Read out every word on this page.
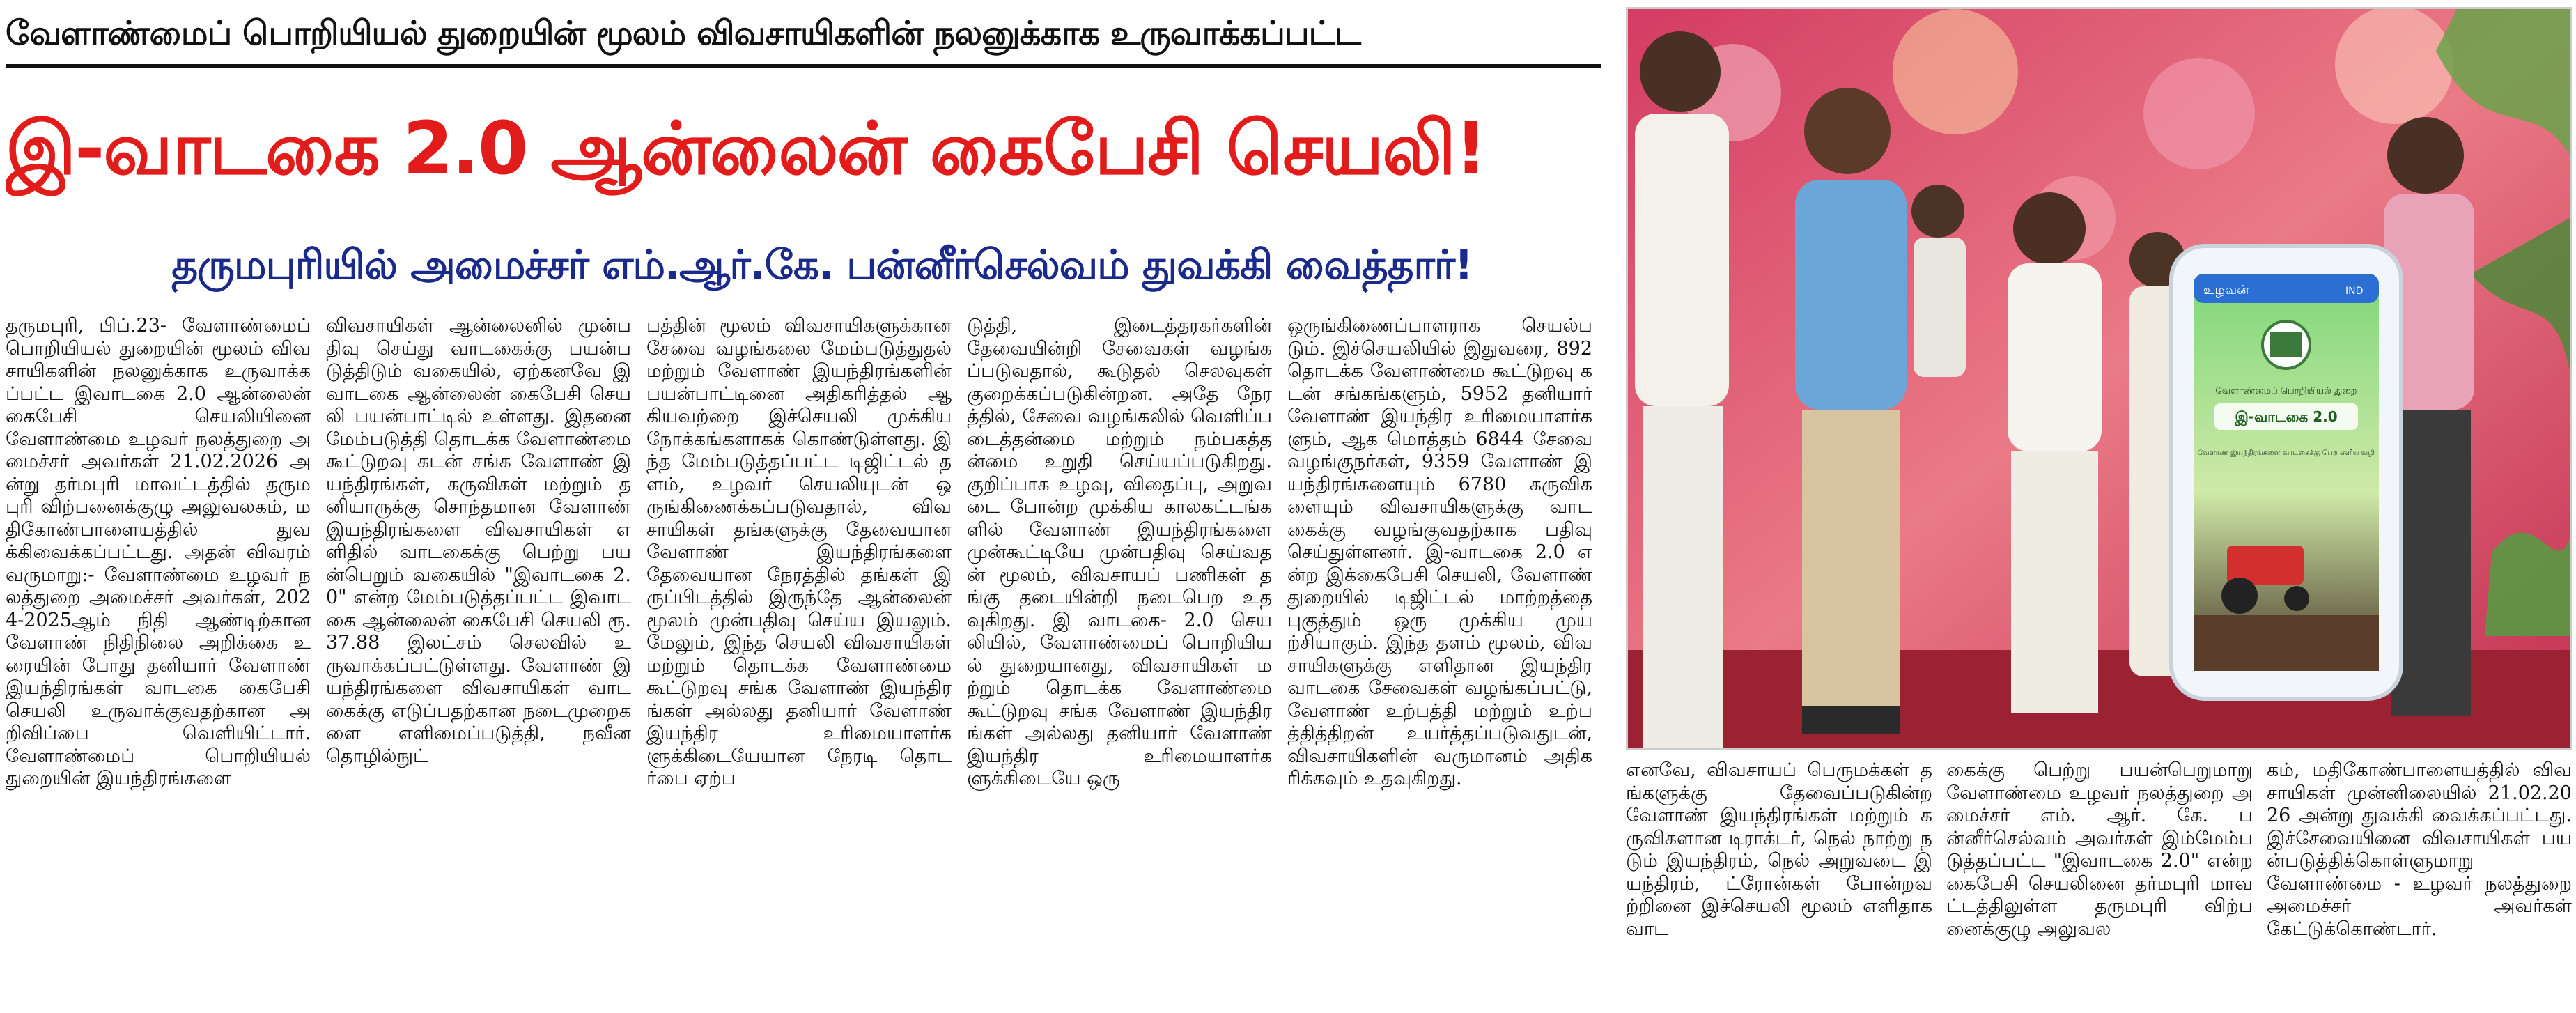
வேளாண்மைப் பொறியியல் துறையின் மூலம் விவசாயிகளின் நலனுக்காக உருவாக்கப்பட்ட
இ-வாடகை 2.0 ஆன்லைன் கைபேசி செயலி!
தருமபுரியில் அமைச்சர் எம்.ஆர்.கே. பன்னீர்செல்வம் துவக்கி வைத்தார்!
தருமபுரி, பிப்.23- வேளாண்மைப் பொறியியல் துறையின் மூலம் விவசாயிகளின் நலனுக்காக உருவாக்கப்பட்ட இவாடகை 2.0 ஆன்லைன் கைபேசி செயலியினை வேளாண்மை உழவர் நலத்துறை அமைச்சர் அவர்கள் 21.02.2026 அன்று தர்மபுரி மாவட்டத்தில் தருமபுரி விற்பனைக்குழு அலுவலகம், மதிகோண்பாளையத்தில் துவக்கிவைக்கப்பட்டது. அதன் விவரம் வருமாறு:- வேளாண்மை உழவர் நலத்துறை அமைச்சர் அவர்கள், 2024-2025ஆம் நிதி ஆண்டிற்கான வேளாண் நிதிநிலை அறிக்கை உரையின் போது தனியார் வேளாண் இயந்திரங்கள் வாடகை கைபேசி செயலி உருவாக்குவதற்கான அறிவிப்பை வெளியிட்டார். வேளாண்மைப் பொறியியல் துறையின் இயந்திரங்களை
விவசாயிகள் ஆன்லைனில் முன்பதிவு செய்து வாடகைக்கு பயன்படுத்திடும் வகையில், ஏற்கனவே இவாடகை ஆன்லைன் கைபேசி செயலி பயன்பாட்டில் உள்ளது. இதனை மேம்படுத்தி தொடக்க வேளாண்மை கூட்டுறவு கடன் சங்க வேளாண் இயந்திரங்கள், கருவிகள் மற்றும் தனியாருக்கு சொந்தமான வேளாண் இயந்திரங்களை விவசாயிகள் எளிதில் வாடகைக்கு பெற்று பயன்பெறும் வகையில் "இவாடகை 2.0" என்ற மேம்படுத்தப்பட்ட இவாடகை ஆன்லைன் கைபேசி செயலி ரூ.37.88 இலட்சம் செலவில் உருவாக்கப்பட்டுள்ளது. வேளாண் இயந்திரங்களை விவசாயிகள் வாடகைக்கு எடுப்பதற்கான நடைமுறைகளை எளிமைப்படுத்தி, நவீன தொழில்நுட்
பத்தின் மூலம் விவசாயிகளுக்கான சேவை வழங்கலை மேம்படுத்துதல் மற்றும் வேளாண் இயந்திரங்களின் பயன்பாட்டினை அதிகரித்தல் ஆகியவற்றை இச்செயலி முக்கிய நோக்கங்களாகக் கொண்டுள்ளது. இந்த மேம்படுத்தப்பட்ட டிஜிட்டல் தளம், உழவர் செயலியுடன் ஒருங்கிணைக்கப்படுவதால், விவசாயிகள் தங்களுக்கு தேவையான வேளாண் இயந்திரங்களை தேவையான நேரத்தில் தங்கள் இருப்பிடத்தில் இருந்தே ஆன்லைன் மூலம் முன்பதிவு செய்ய இயலும். மேலும், இந்த செயலி விவசாயிகள் மற்றும் தொடக்க வேளாண்மை கூட்டுறவு சங்க வேளாண் இயந்திரங்கள் அல்லது தனியார் வேளாண் இயந்திர உரிமையாளர்களுக்கிடையேயான நேரடி தொடர்பை ஏற்ப
டுத்தி, இடைத்தரகர்களின் தேவையின்றி சேவைகள் வழங்கப்படுவதால், கூடுதல் செலவுகள் குறைக்கப்படுகின்றன. அதே நேரத்தில், சேவை வழங்கலில் வெளிப்படைத்தன்மை மற்றும் நம்பகத்தன்மை உறுதி செய்யப்படுகிறது. குறிப்பாக உழவு, விதைப்பு, அறுவடை போன்ற முக்கிய காலகட்டங்களில் வேளாண் இயந்திரங்களை முன்கூட்டியே முன்பதிவு செய்வதன் மூலம், விவசாயப் பணிகள் தங்கு தடையின்றி நடைபெற உதவுகிறது. இ வாடகை- 2.0 செயலியில், வேளாண்மைப் பொறியியல் துறையானது, விவசாயிகள் மற்றும் தொடக்க வேளாண்மை கூட்டுறவு சங்க வேளாண் இயந்திரங்கள் அல்லது தனியார் வேளாண் இயந்திர உரிமையாளர்களுக்கிடையே ஒரு
ஒருங்கிணைப்பாளராக செயல்படும். இச்செயலியில் இதுவரை, 892 தொடக்க வேளாண்மை கூட்டுறவு கடன் சங்கங்களும், 5952 தனியார் வேளாண் இயந்திர உரிமையாளர்களும், ஆக மொத்தம் 6844 சேவை வழங்குநர்கள், 9359 வேளாண் இயந்திரங்களையும் 6780 கருவிகளையும் விவசாயிகளுக்கு வாடகைக்கு வழங்குவதற்காக பதிவு செய்துள்ளனர். இ-வாடகை 2.0 என்ற இக்கைபேசி செயலி, வேளாண் துறையில் டிஜிட்டல் மாற்றத்தை புகுத்தும் ஒரு முக்கிய முயற்சியாகும். இந்த தளம் மூலம், விவசாயிகளுக்கு எளிதான இயந்திர வாடகை சேவைகள் வழங்கப்பட்டு, வேளாண் உற்பத்தி மற்றும் உற்பத்தித்திறன் உயர்த்தப்படுவதுடன், விவசாயிகளின் வருமானம் அதிகரிக்கவும் உதவுகிறது.	எனவே, விவசாயப் பெருமக்கள் தங்களுக்கு தேவைப்படுகின்ற வேளாண் இயந்திரங்கள் மற்றும் கருவிகளான டிராக்டர், நெல் நாற்று நடும் இயந்திரம், நெல் அறுவடை இயந்திரம், ட்ரோன்கள் போன்றவற்றினை இச்செயலி மூலம் எளிதாக வாட
கைக்கு பெற்று பயன்பெறுமாறு வேளாண்மை உழவர் நலத்துறை அமைச்சர் எம். ஆர். கே. பன்னீர்செல்வம் அவர்கள் இம்மேம்படுத்தப்பட்ட "இவாடகை 2.0" என்ற கைபேசி செயலினை தர்மபுரி மாவட்டத்திலுள்ள தருமபுரி விற்பனைக்குழு அலுவல
கம், மதிகோண்பாளையத்தில் விவசாயிகள் முன்னிலையில் 21.02.2026 அன்று துவக்கி வைக்கப்பட்டது. இச்சேவையினை விவசாயிகள் பயன்படுத்திக்கொள்ளுமாறு வேளாண்மை - உழவர் நலத்துறை அமைச்சர் அவர்கள் கேட்டுக்கொண்டார்.
உழவன்	IND
வேளாண்மைப் பொறியியல் துறை
இ-வாடகை 2.0
வேளாண் இயந்திரங்களை வாடகைக்கு பெற எளிய வழி
